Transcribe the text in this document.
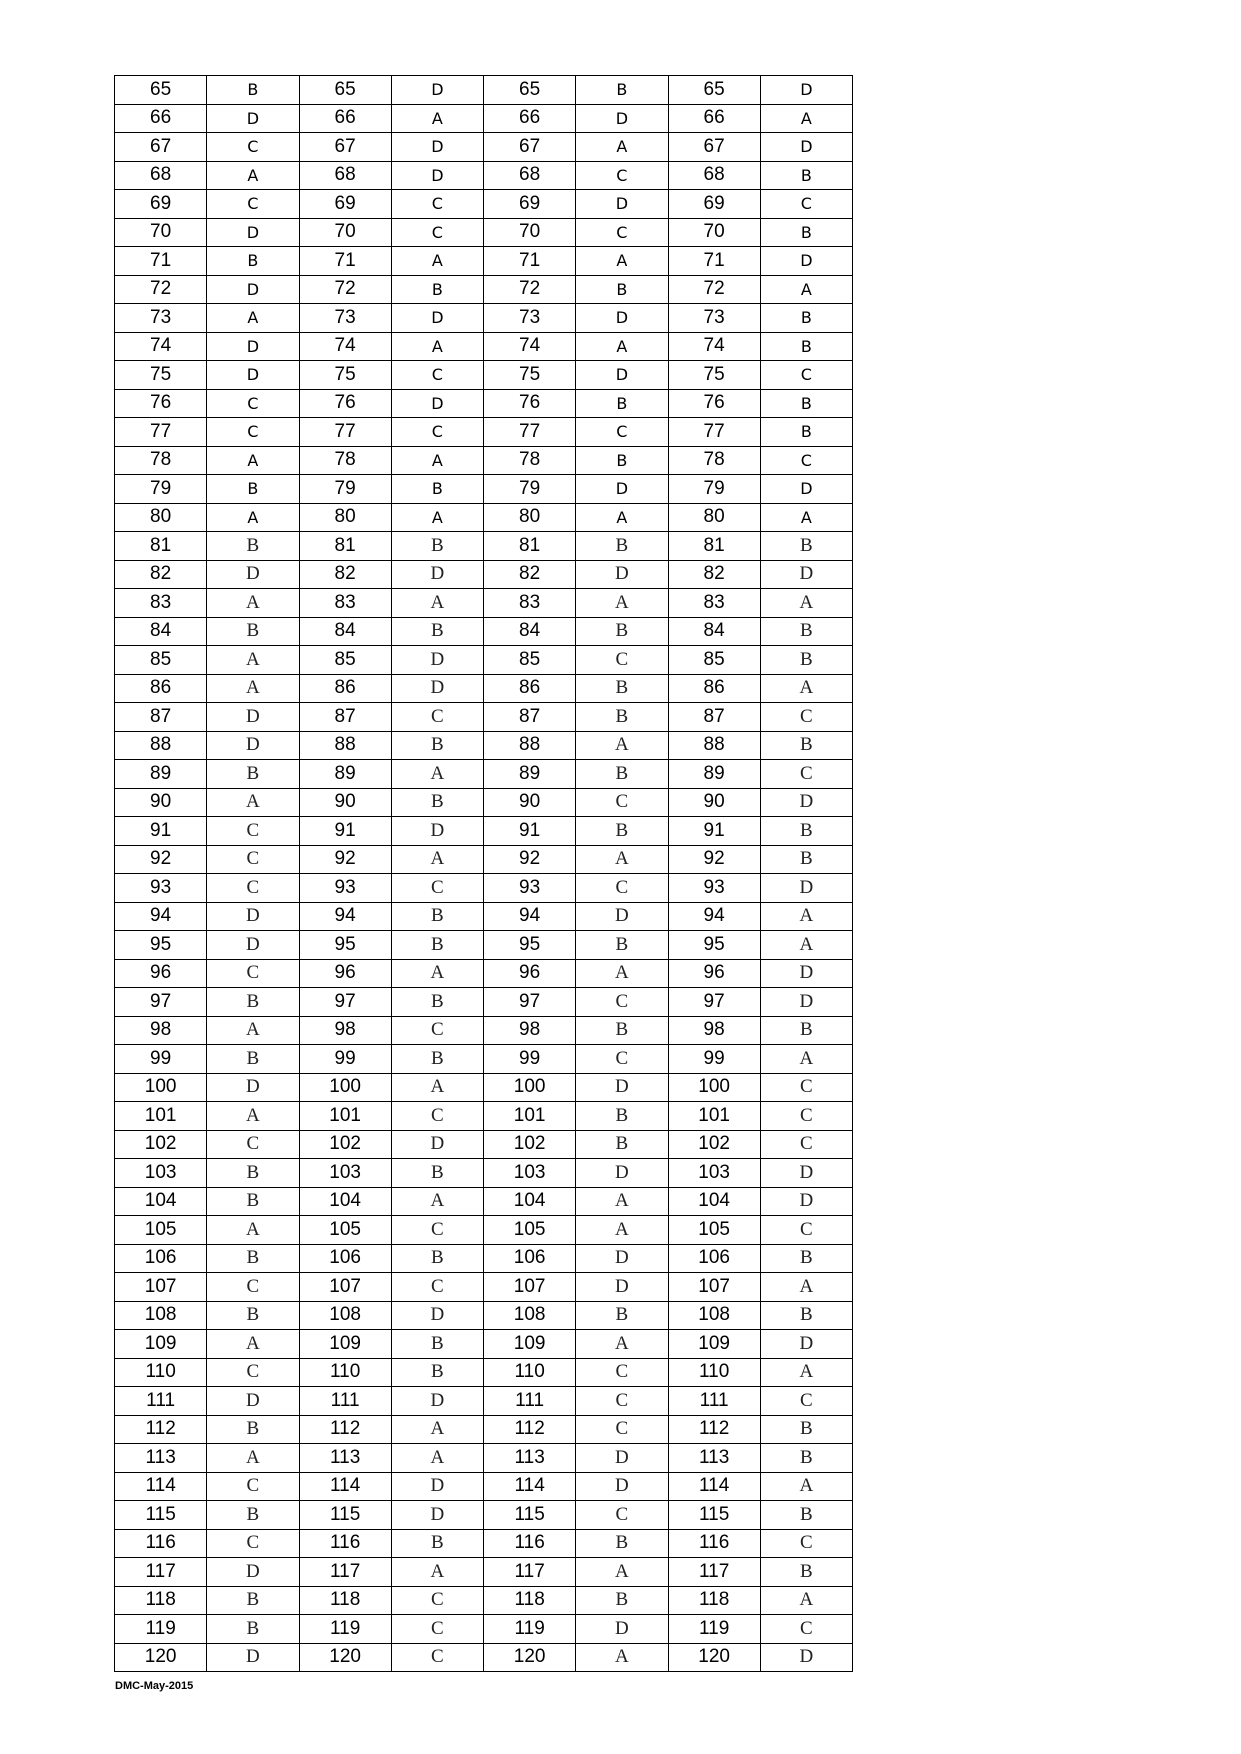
65	B	65	D	65	B	65	D
66	D	66	A	66	D	66	A
67	C	67	D	67	A	67	D
68	A	68	D	68	C	68	B
69	C	69	C	69	D	69	C
70	D	70	C	70	C	70	B
71	B	71	A	71	A	71	D
72	D	72	B	72	B	72	A
73	A	73	D	73	D	73	B
74	D	74	A	74	A	74	B
75	D	75	C	75	D	75	C
76	C	76	D	76	B	76	B
77	C	77	C	77	C	77	B
78	A	78	A	78	B	78	C
79	B	79	B	79	D	79	D
80	A	80	A	80	A	80	A
81	B	81	B	81	B	81	B
82	D	82	D	82	D	82	D
83	A	83	A	83	A	83	A
84	B	84	B	84	B	84	B
85	A	85	D	85	C	85	B
86	A	86	D	86	B	86	A
87	D	87	C	87	B	87	C
88	D	88	B	88	A	88	B
89	B	89	A	89	B	89	C
90	A	90	B	90	C	90	D
91	C	91	D	91	B	91	B
92	C	92	A	92	A	92	B
93	C	93	C	93	C	93	D
94	D	94	B	94	D	94	A
95	D	95	B	95	B	95	A
96	C	96	A	96	A	96	D
97	B	97	B	97	C	97	D
98	A	98	C	98	B	98	B
99	B	99	B	99	C	99	A
100	D	100	A	100	D	100	C
101	A	101	C	101	B	101	C
102	C	102	D	102	B	102	C
103	B	103	B	103	D	103	D
104	B	104	A	104	A	104	D
105	A	105	C	105	A	105	C
106	B	106	B	106	D	106	B
107	C	107	C	107	D	107	A
108	B	108	D	108	B	108	B
109	A	109	B	109	A	109	D
110	C	110	B	110	C	110	A
111	D	111	D	111	C	111	C
112	B	112	A	112	C	112	B
113	A	113	A	113	D	113	B
114	C	114	D	114	D	114	A
115	B	115	D	115	C	115	B
116	C	116	B	116	B	116	C
117	D	117	A	117	A	117	B
118	B	118	C	118	B	118	A
119	B	119	C	119	D	119	C
120	D	120	C	120	A	120	D
DMC-May-2015
